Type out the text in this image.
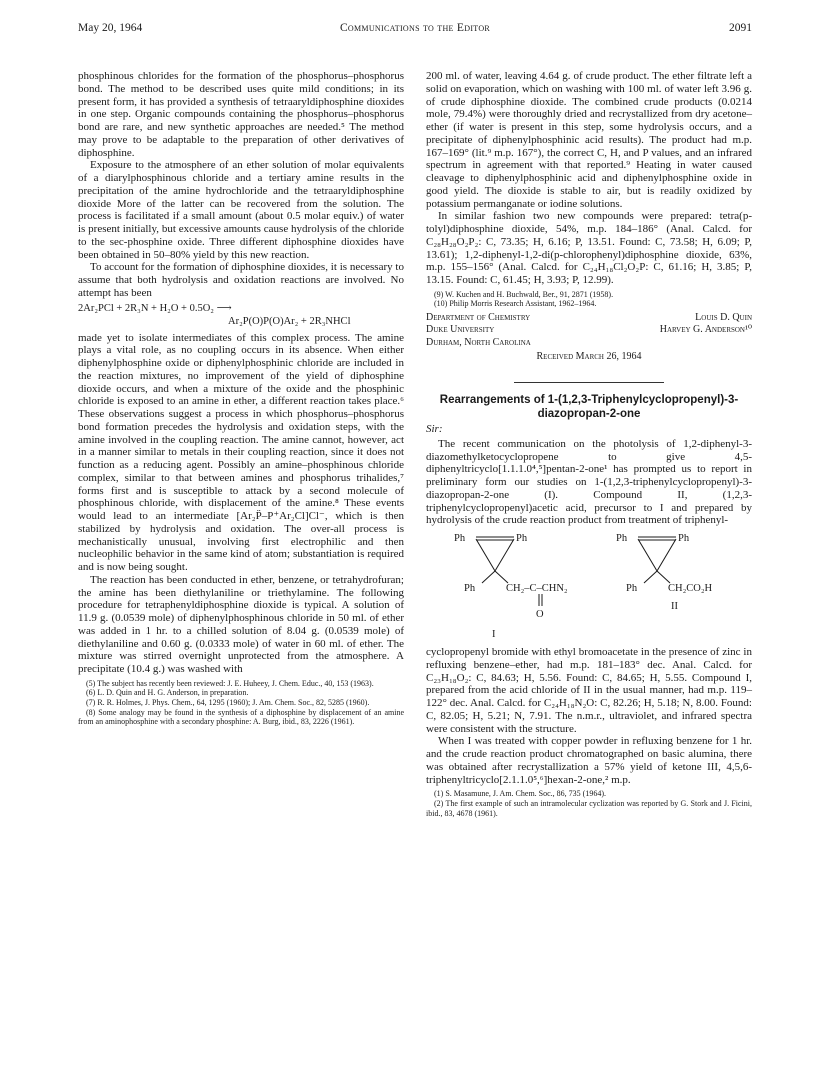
May 20, 1964	Communications to the Editor	2091

phosphinous chlorides for the formation of the phosphorus–phosphorus bond. The method to be described uses quite mild conditions; in its present form, it has provided a synthesis of tetraaryldiphosphine dioxides in one step. Organic compounds containing the phosphorus–phosphorus bond are rare, and new synthetic approaches are needed.⁵ The method may prove to be adaptable to the preparation of other derivatives of diphosphine.

Exposure to the atmosphere of an ether solution of molar equivalents of a diarylphosphinous chloride and a tertiary amine results in the precipitation of the amine hydrochloride and the tetraaryldiphosphine dioxide More of the latter can be recovered from the solution. The process is facilitated if a small amount (about 0.5 molar equiv.) of water is present initially, but excessive amounts cause hydrolysis of the chloride to the sec-phosphine oxide. Three different diphosphine dioxides have been obtained in 50–80% yield by this new reaction.

To account for the formation of diphosphine dioxides, it is necessary to assume that both hydrolysis and oxidation reactions are involved. No attempt has been

2Ar₂PCl + 2R₃N + H₂O + 0.5O₂ ⟶
Ar₂P(O)P(O)Ar₂ + 2R₃NHCl

made yet to isolate intermediates of this complex process. The amine plays a vital role, as no coupling occurs in its absence. When either diphenylphosphine oxide or diphenylphosphinic chloride are included in the reaction mixtures, no improvement of the yield of diphosphine dioxide occurs, and when a mixture of the oxide and the phosphinic chloride is exposed to an amine in ether, a different reaction takes place.⁶ These observations suggest a process in which phosphorus–phosphorus bond formation precedes the hydrolysis and oxidation steps, with the amine involved in the coupling reaction. The amine cannot, however, act in a manner similar to metals in their coupling reaction, since it does not function as a reducing agent. Possibly an amine–phosphinous chloride complex, similar to that between amines and phosphorus trihalides,⁷ forms first and is susceptible to attack by a second molecule of phosphinous chloride, with displacement of the amine.⁸ These events would lead to an intermediate [Ar₂P̈–P⁺Ar₂Cl]Cl⁻, which is then stabilized by hydrolysis and oxidation. The over-all process is mechanistically unusual, involving first electrophilic and then nucleophilic behavior in the same kind of atom; substantiation is required and is now being sought.

The reaction has been conducted in ether, benzene, or tetrahydrofuran; the amine has been diethylaniline or triethylamine. The following procedure for tetraphenyldiphosphine dioxide is typical. A solution of 11.9 g. (0.0539 mole) of diphenylphosphinous chloride in 50 ml. of ether was added in 1 hr. to a chilled solution of 8.04 g. (0.0539 mole) of diethylaniline and 0.60 g. (0.0333 mole) of water in 60 ml. of ether. The mixture was stirred overnight unprotected from the atmosphere. A precipitate (10.4 g.) was washed with

(5) The subject has recently been reviewed: J. E. Huheey, J. Chem. Educ., 40, 153 (1963).

(6) L. D. Quin and H. G. Anderson, in preparation.

(7) R. R. Holmes, J. Phys. Chem., 64, 1295 (1960); J. Am. Chem. Soc., 82, 5285 (1960).

(8) Some analogy may be found in the synthesis of a diphosphine by displacement of an amine from an aminophosphine with a secondary phosphine: A. Burg, ibid., 83, 2226 (1961).

200 ml. of water, leaving 4.64 g. of crude product. The ether filtrate left a solid on evaporation, which on washing with 100 ml. of water left 3.96 g. of crude diphosphine dioxide. The combined crude products (0.0214 mole, 79.4%) were thoroughly dried and recrystallized from dry acetone–ether (if water is present in this step, some hydrolysis occurs, and a precipitate of diphenylphosphinic acid results). The product had m.p. 167–169° (lit.⁹ m.p. 167°), the correct C, H, and P values, and an infrared spectrum in agreement with that reported.⁹ Heating in water caused cleavage to diphenylphosphinic acid and diphenylphosphine oxide in good yield. The dioxide is stable to air, but is readily oxidized by potassium permanganate or iodine solutions.

In similar fashion two new compounds were prepared: tetra(p-tolyl)diphosphine dioxide, 54%, m.p. 184–186° (Anal. Calcd. for C₂₈H₂₈O₂P₂: C, 73.35; H, 6.16; P, 13.51. Found: C, 73.58; H, 6.09; P, 13.61); 1,2-diphenyl-1,2-di(p-chlorophenyl)diphosphine dioxide, 63%, m.p. 155–156° (Anal. Calcd. for C₂₄H₁₈Cl₂O₂P: C, 61.16; H, 3.85; P, 13.15. Found: C, 61.45; H, 3.93; P, 12.99).

(9) W. Kuchen and H. Buchwald, Ber., 91, 2871 (1958).

(10) Philip Morris Research Assistant, 1962–1964.

Department of Chemistry	Louis D. Quin
Duke University	Harvey G. Anderson¹⁰
Durham, North Carolina
Received March 26, 1964
Rearrangements of 1-(1,2,3-Triphenylcyclopropenyl)-3-diazopropan-2-one
Sir:

The recent communication on the photolysis of 1,2-diphenyl-3-diazomethylketocyclopropene to give 4,5-diphenyltricyclo[1.1.1.0⁴,⁵]pentan-2-one¹ has prompted us to report in preliminary form our studies on 1-(1,2,3-triphenylcyclopropenyl)-3-diazopropan-2-one (I). Compound II, (1,2,3-triphenylcyclopropenyl)acetic acid, precursor to I and prepared by hydrolysis of the crude reaction product from treatment of triphenyl-

Ph	Ph
Ph	CH₂–C–CHN₂
O
I
Ph	Ph
Ph	CH₂CO₂H
II

cyclopropenyl bromide with ethyl bromoacetate in the presence of zinc in refluxing benzene–ether, had m.p. 181–183° dec. Anal. Calcd. for C₂₃H₁₈O₂: C, 84.63; H, 5.56. Found: C, 84.65; H, 5.55. Compound I, prepared from the acid chloride of II in the usual manner, had m.p. 119–122° dec. Anal. Calcd. for C₂₄H₁₈N₂O: C, 82.26; H, 5.18; N, 8.00. Found: C, 82.05; H, 5.21; N, 7.91. The n.m.r., ultraviolet, and infrared spectra were consistent with the structure.

When I was treated with copper powder in refluxing benzene for 1 hr. and the crude reaction product chromatographed on basic alumina, there was obtained after recrystallization a 57% yield of ketone III, 4,5,6-triphenyltricyclo[2.1.1.0⁵,⁶]hexan-2-one,² m.p.

(1) S. Masamune, J. Am. Chem. Soc., 86, 735 (1964).

(2) The first example of such an intramolecular cyclization was reported by G. Stork and J. Ficini, ibid., 83, 4678 (1961).
